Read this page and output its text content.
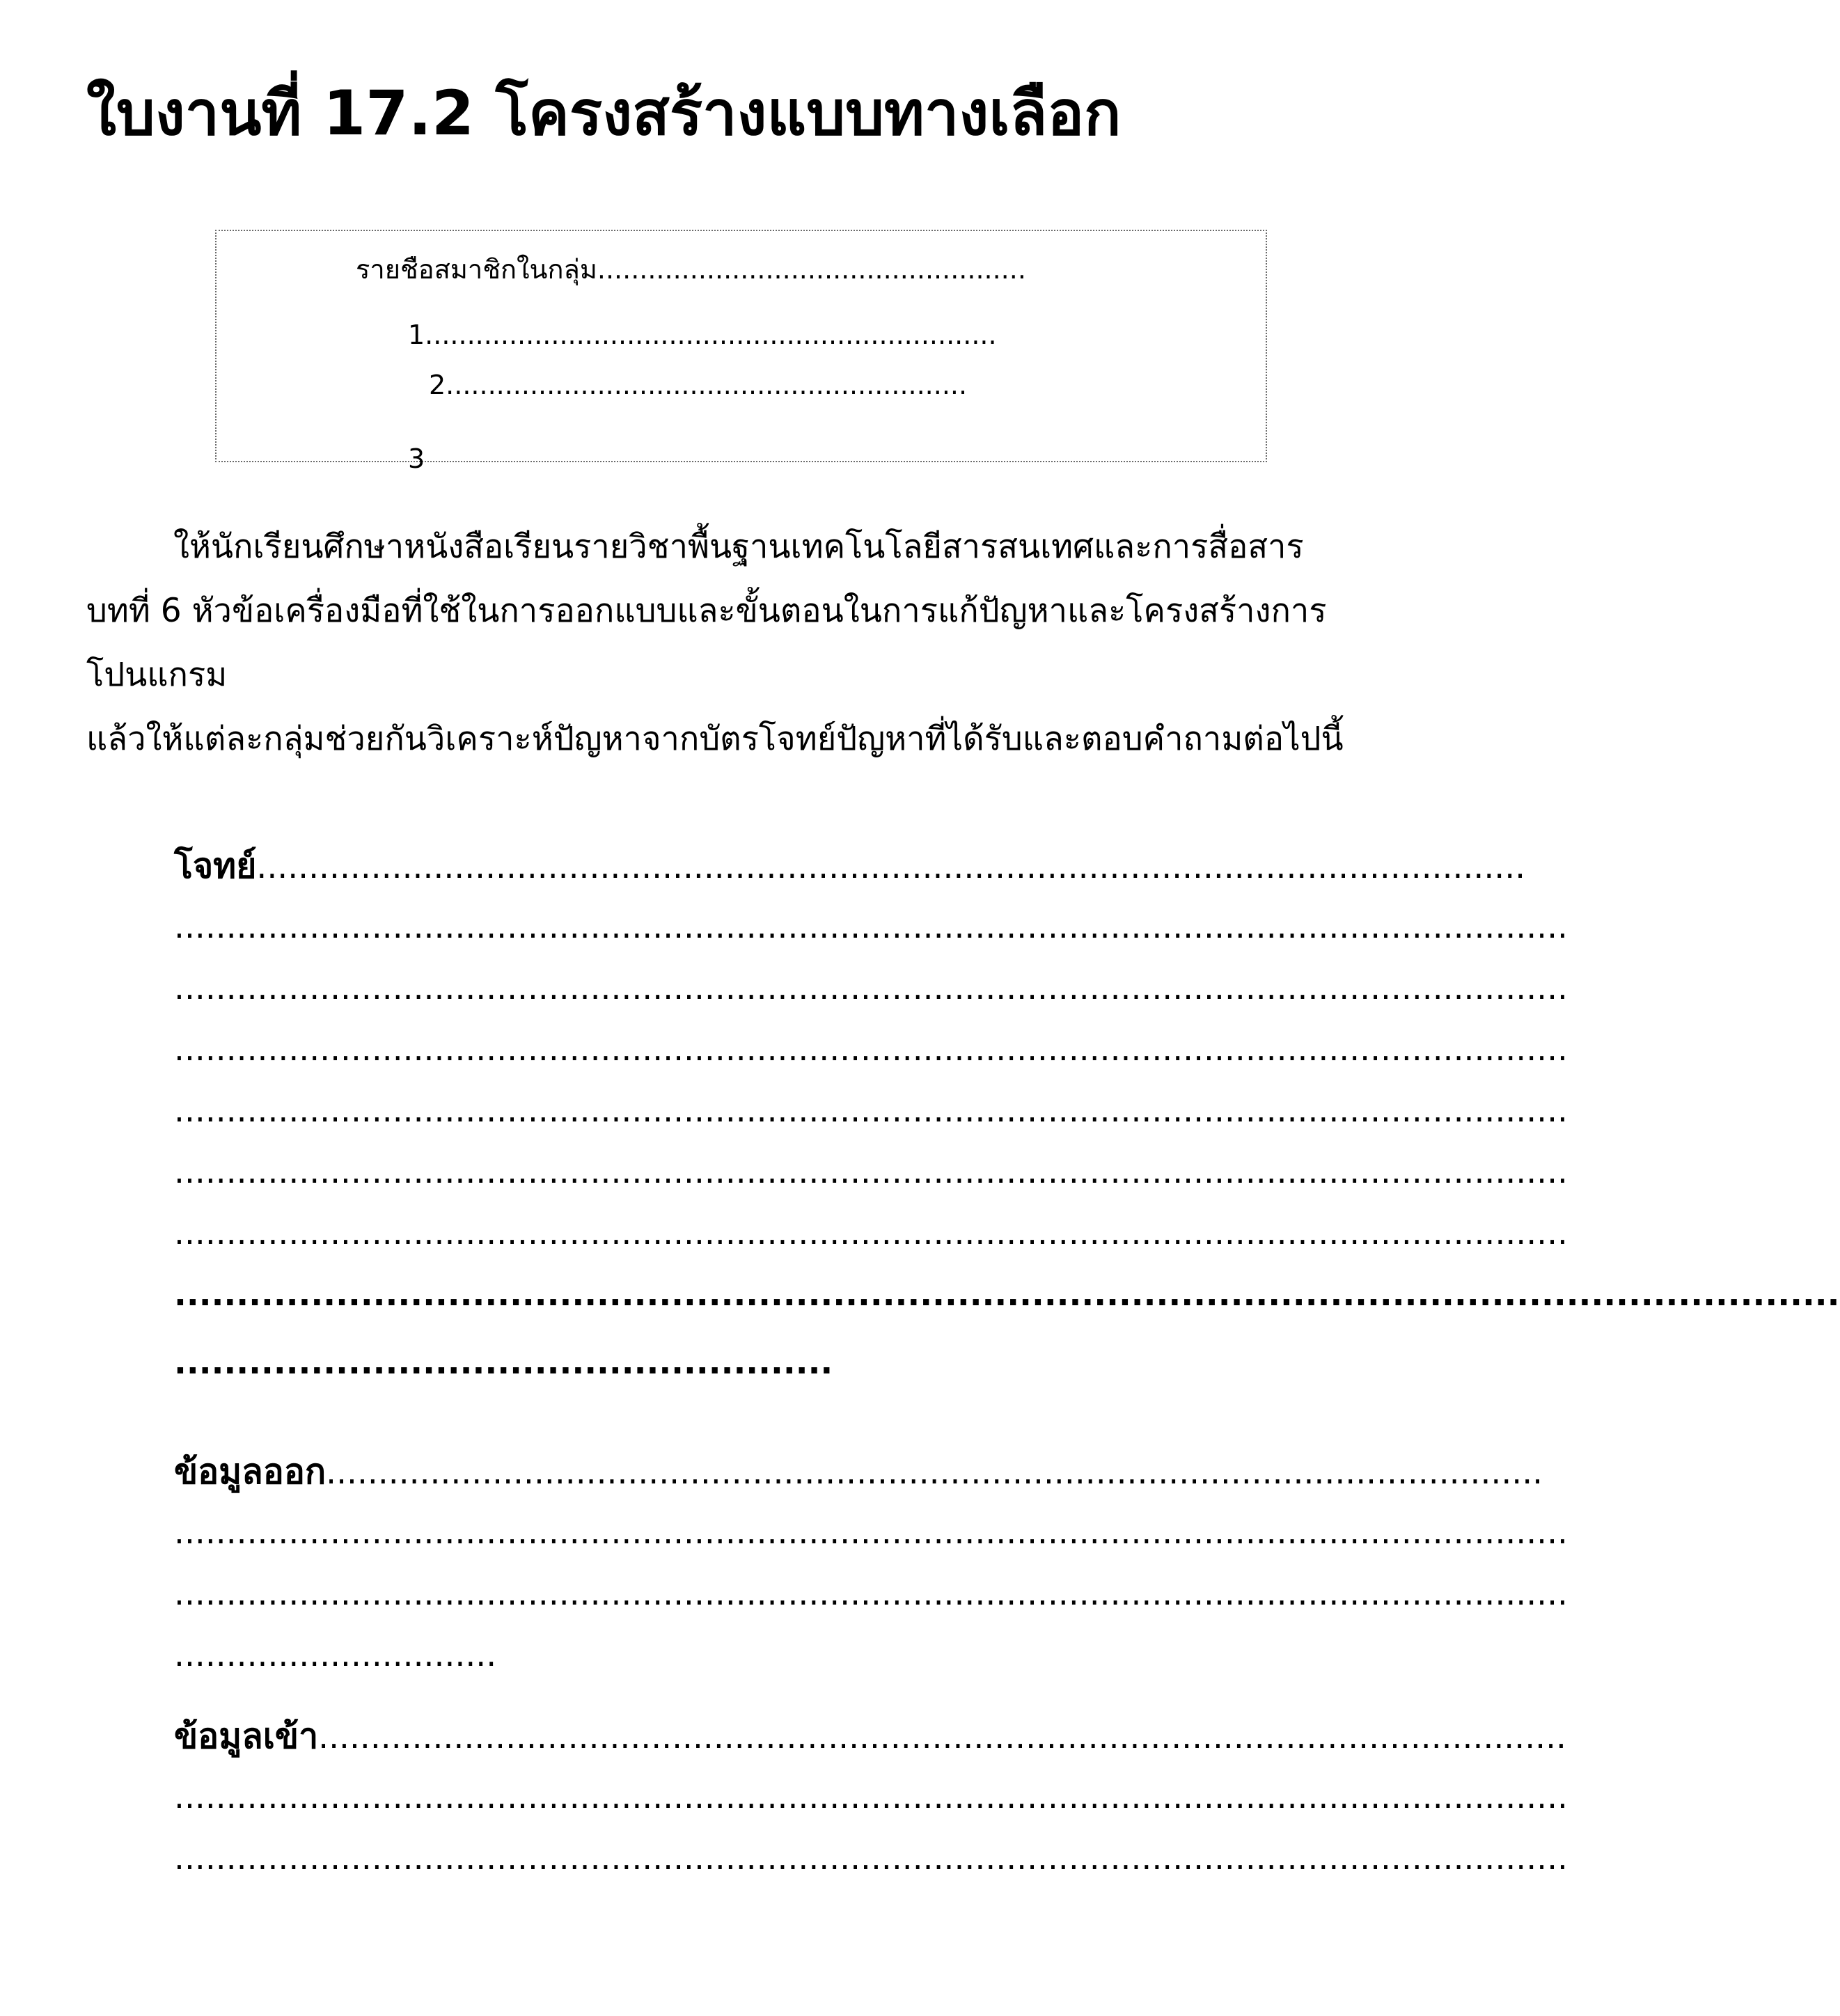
ใบงานที่ 17.2 โครงสร้างแบบทางเลือก
รายชือสมาชิกในกลุ่ม...................................................
1....................................................................
2..............................................................
3

ให้นักเรียนศึกษาหนังสือเรียนรายวิชาพื้นฐานเทคโนโลยีสารสนเทศและการสื่อสาร บทที่ 6 หัวข้อเครื่องมือที่ใช้ในการออกแบบและขั้นตอนในการแก้ปัญหาและโครงสร้างการโปนแกรม

แล้วให้แต่ละกลุ่มช่วยกันวิเคราะห์ปัญหาจากบัตรโจทย์ปัญหาที่ได้รับและตอบคำถามต่อไปนี้

โจทย์..........................................................................................................................
......................................................................................................................................
......................................................................................................................................
......................................................................................................................................
......................................................................................................................................
......................................................................................................................................
......................................................................................................................................
......................................................................................................................................
.....................................................
ข้อมูลออก.....................................................................................................................
......................................................................................................................................
......................................................................................................................................
...............................
ข้อมูลเข้า........................................................................................................................
......................................................................................................................................
......................................................................................................................................
